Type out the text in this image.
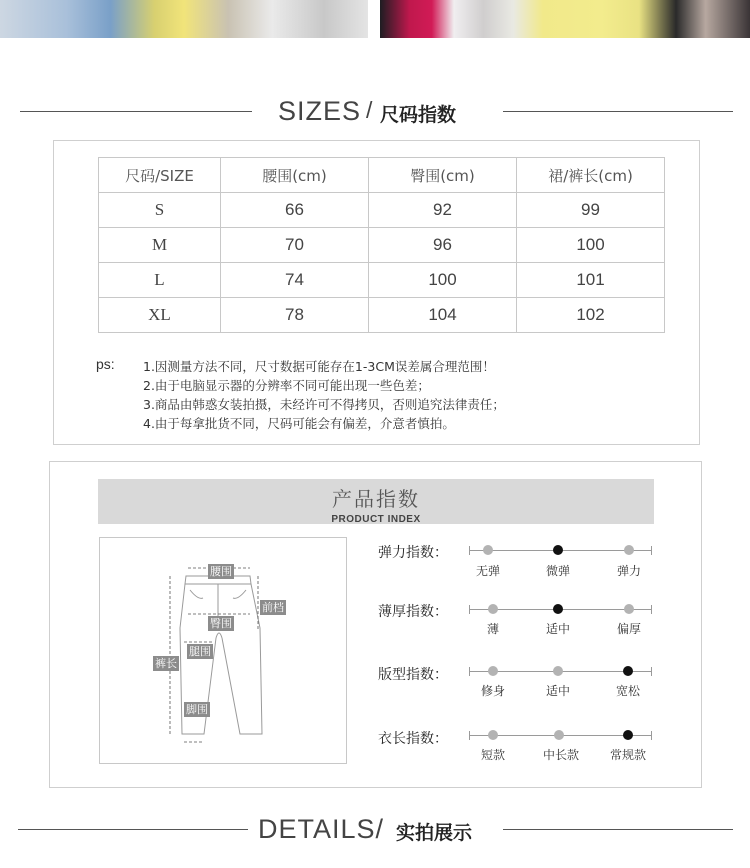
SIZES / 尺码指数
尺码/SIZE	腰围(cm)	臀围(cm)	裙/裤长(cm)
S	66	92	99
M	70	96	100
L	74	100	101
XL	78	104	102
ps: 1.因测量方法不同，尺寸数据可能存在1-3CM误差属合理范围！
2.由于电脑显示器的分辨率不同可能出现一些色差；
3.商品由韩惑女装拍摄，未经许可不得拷贝，否则追究法律责任；
4.由于每拿批货不同，尺码可能会有偏差，介意者慎拍。
产品指数
PRODUCT INDEX
腰围
前档
臀围
腿围
裤长
脚围
弹力指数：
无弹	微弹	弹力
薄厚指数：
薄	适中	偏厚
版型指数：
修身	适中	宽松
衣长指数：
短款	中长款	常规款
DETAILS/ 实拍展示
